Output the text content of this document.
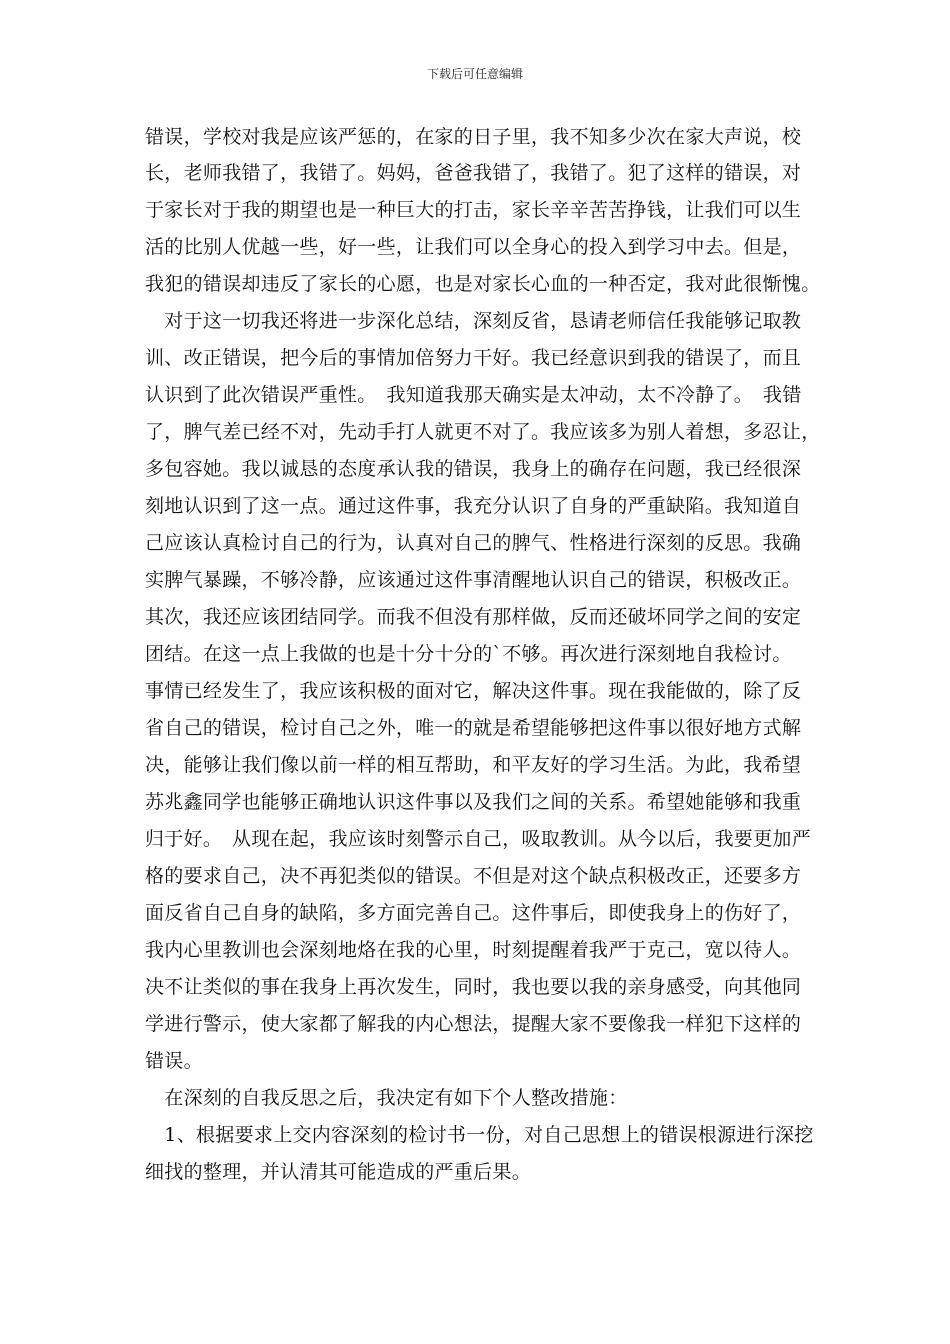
下载后可任意编辑
错误，学校对我是应该严惩的，在家的日子里，我不知多少次在家大声说，校
长，老师我错了，我错了。妈妈，爸爸我错了，我错了。犯了这样的错误，对
于家长对于我的期望也是一种巨大的打击，家长辛辛苦苦挣钱，让我们可以生
活的比别人优越一些，好一些，让我们可以全身心的投入到学习中去。但是，
我犯的错误却违反了家长的心愿，也是对家长心血的一种否定，我对此很惭愧。
　对于这一切我还将进一步深化总结，深刻反省，恳请老师信任我能够记取教
训、改正错误，把今后的事情加倍努力干好。我已经意识到我的错误了，而且
认识到了此次错误严重性。　我知道我那天确实是太冲动，太不冷静了。　我错
了，脾气差已经不对，先动手打人就更不对了。我应该多为别人着想，多忍让，
多包容她。我以诚恳的态度承认我的错误，我身上的确存在问题，我已经很深
刻地认识到了这一点。通过这件事，我充分认识了自身的严重缺陷。我知道自
己应该认真检讨自己的行为，认真对自己的脾气、性格进行深刻的反思。我确
实脾气暴躁，不够冷静，应该通过这件事清醒地认识自己的错误，积极改正。
其次，我还应该团结同学。而我不但没有那样做，反而还破坏同学之间的安定
团结。在这一点上我做的也是十分十分的`不够。再次进行深刻地自我检讨。
事情已经发生了，我应该积极的面对它，解决这件事。现在我能做的，除了反
省自己的错误，检讨自己之外，唯一的就是希望能够把这件事以很好地方式解
决，能够让我们像以前一样的相互帮助，和平友好的学习生活。为此，我希望
苏兆鑫同学也能够正确地认识这件事以及我们之间的关系。希望她能够和我重
归于好。　从现在起，我应该时刻警示自己，吸取教训。从今以后，我要更加严
格的要求自己，决不再犯类似的错误。不但是对这个缺点积极改正，还要多方
面反省自己自身的缺陷，多方面完善自己。这件事后，即使我身上的伤好了，
我内心里教训也会深刻地烙在我的心里，时刻提醒着我严于克己，宽以待人。
决不让类似的事在我身上再次发生，同时，我也要以我的亲身感受，向其他同
学进行警示，使大家都了解我的内心想法，提醒大家不要像我一样犯下这样的
错误。
　在深刻的自我反思之后，我决定有如下个人整改措施：
　1、根据要求上交内容深刻的检讨书一份，对自己思想上的错误根源进行深挖
细找的整理，并认清其可能造成的严重后果。
